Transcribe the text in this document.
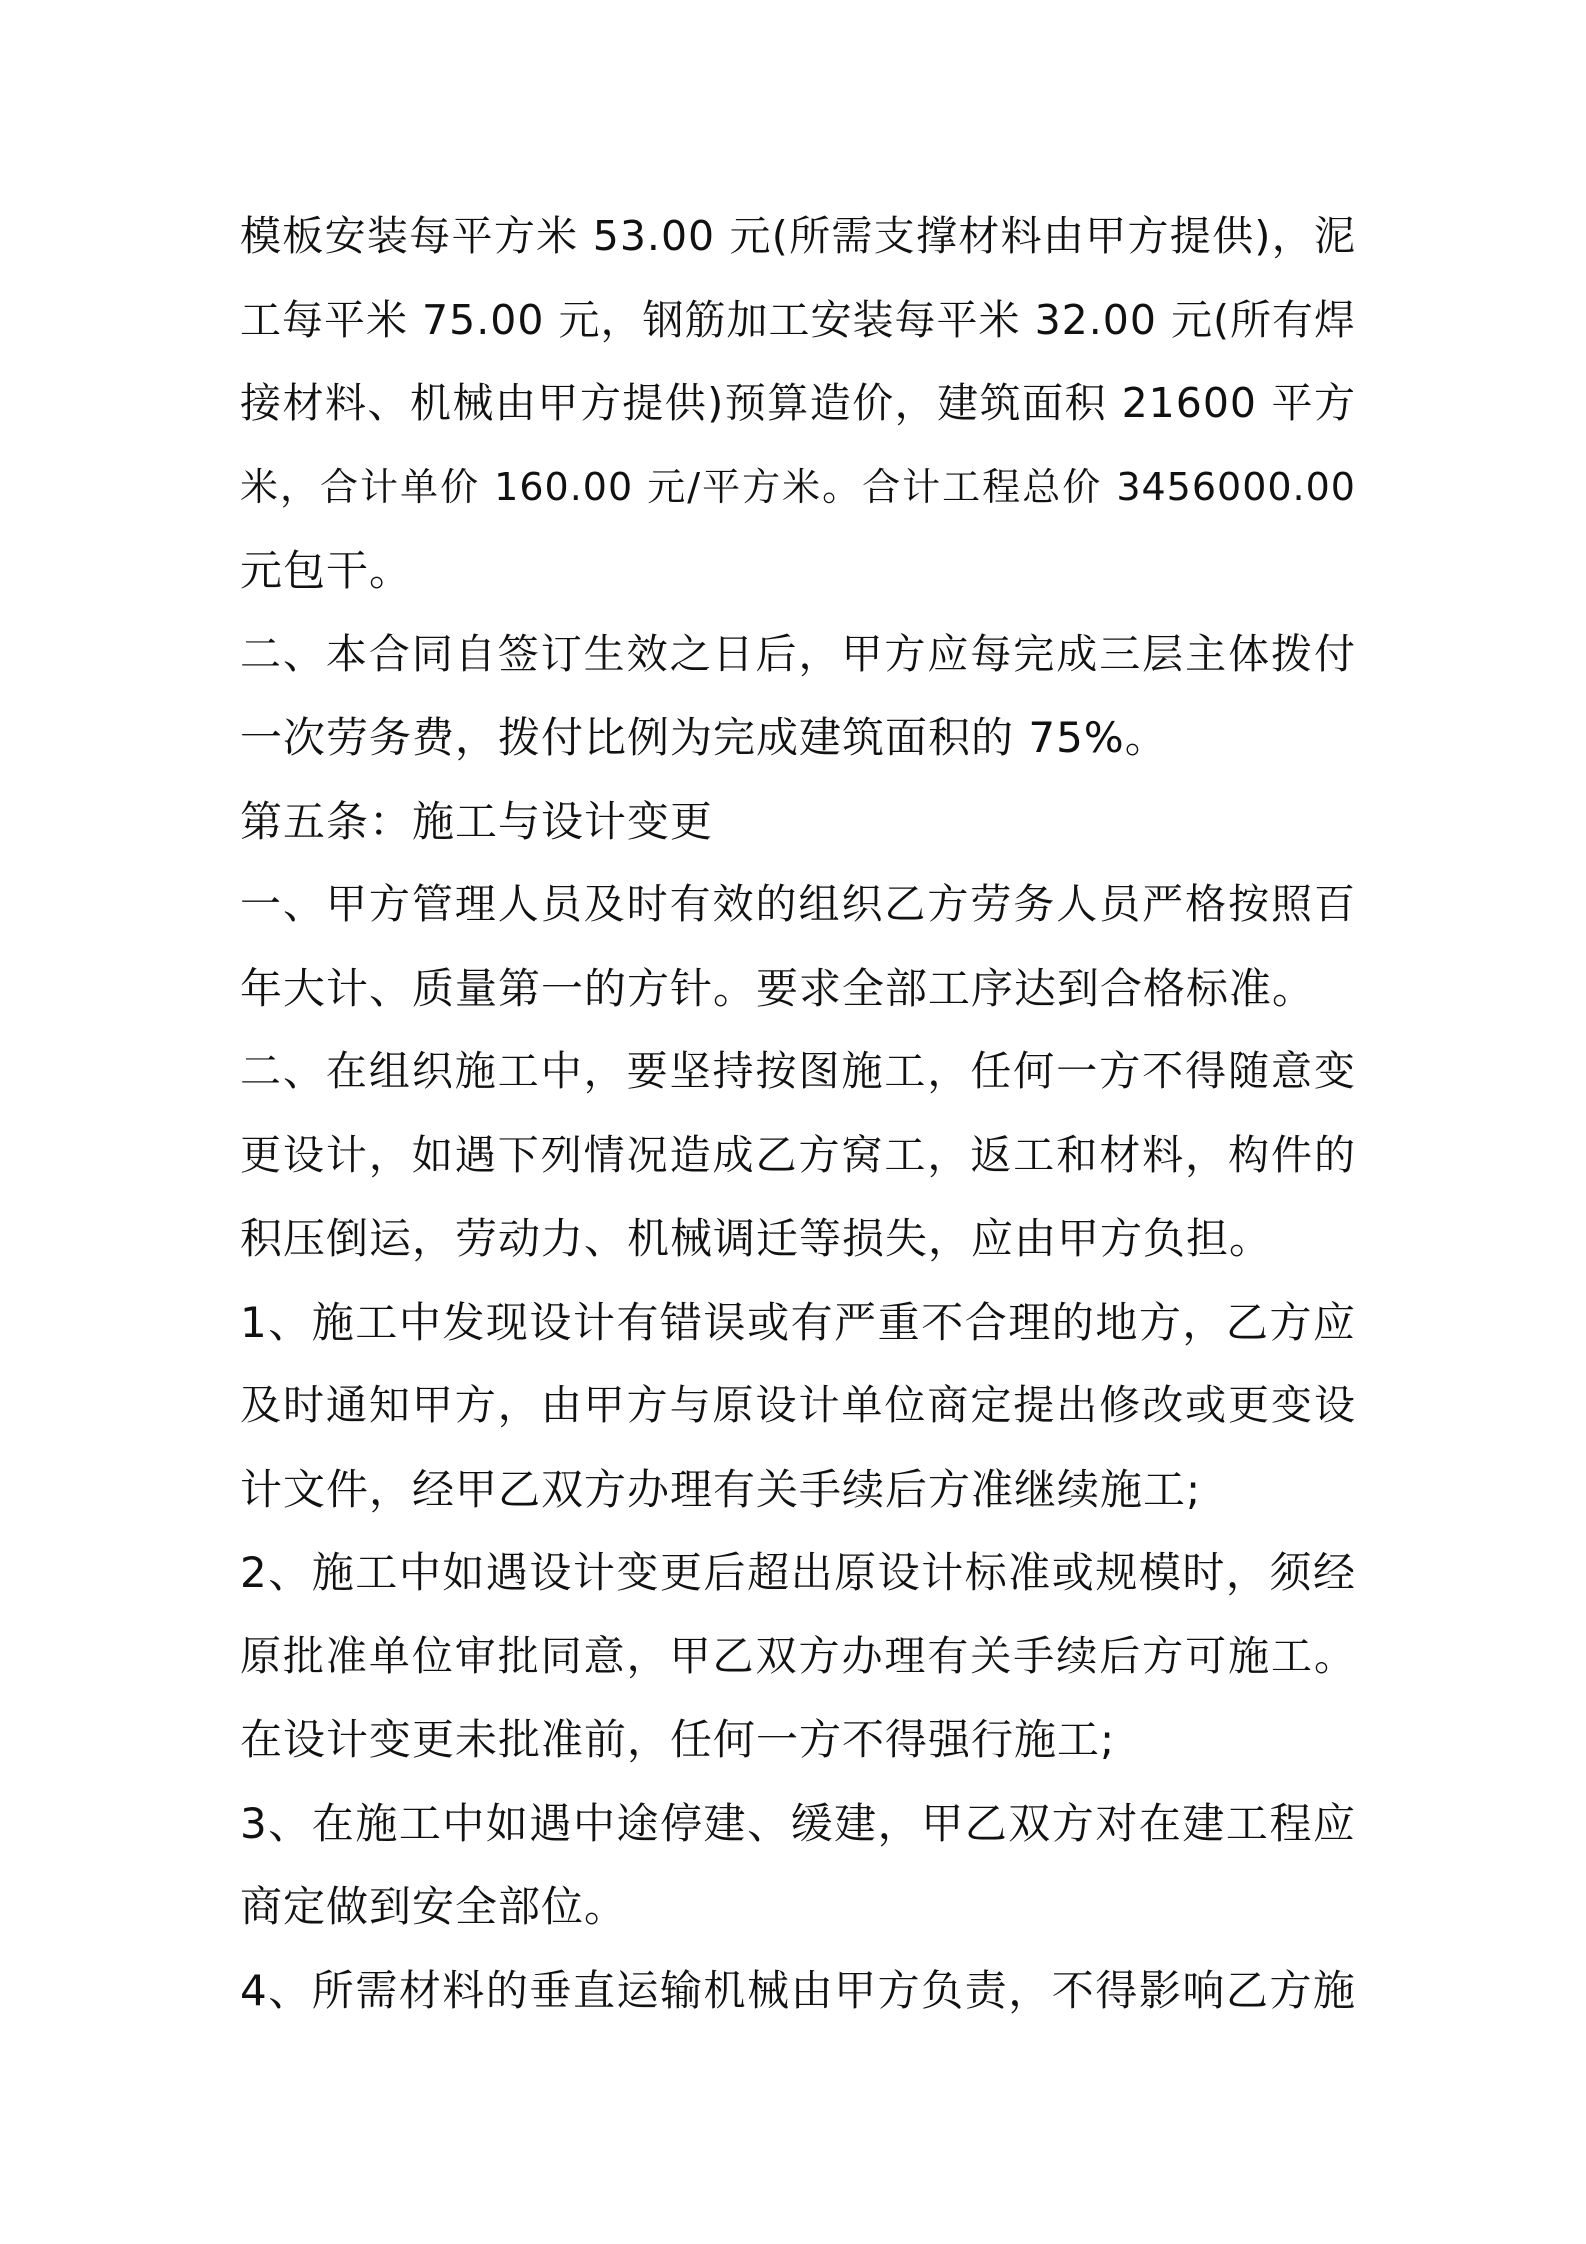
模板安装每平方米 53.00 元(所需支撑材料由甲方提供)，泥
工每平米 75.00 元，钢筋加工安装每平米 32.00 元(所有焊
接材料、机械由甲方提供)预算造价，建筑面积 21600 平方
米，合计单价 160.00 元/平方米。合计工程总价 3456000.00
元包干。
二、本合同自签订生效之日后，甲方应每完成三层主体拨付
一次劳务费，拨付比例为完成建筑面积的 75%。
第五条：施工与设计变更
一、甲方管理人员及时有效的组织乙方劳务人员严格按照百
年大计、质量第一的方针。要求全部工序达到合格标准。
二、在组织施工中，要坚持按图施工，任何一方不得随意变
更设计，如遇下列情况造成乙方窝工，返工和材料，构件的
积压倒运，劳动力、机械调迁等损失，应由甲方负担。
1、施工中发现设计有错误或有严重不合理的地方，乙方应
及时通知甲方，由甲方与原设计单位商定提出修改或更变设
计文件，经甲乙双方办理有关手续后方准继续施工;
2、施工中如遇设计变更后超出原设计标准或规模时，须经
原批准单位审批同意，甲乙双方办理有关手续后方可施工。
在设计变更未批准前，任何一方不得强行施工;
3、在施工中如遇中途停建、缓建，甲乙双方对在建工程应
商定做到安全部位。
4、所需材料的垂直运输机械由甲方负责，不得影响乙方施
